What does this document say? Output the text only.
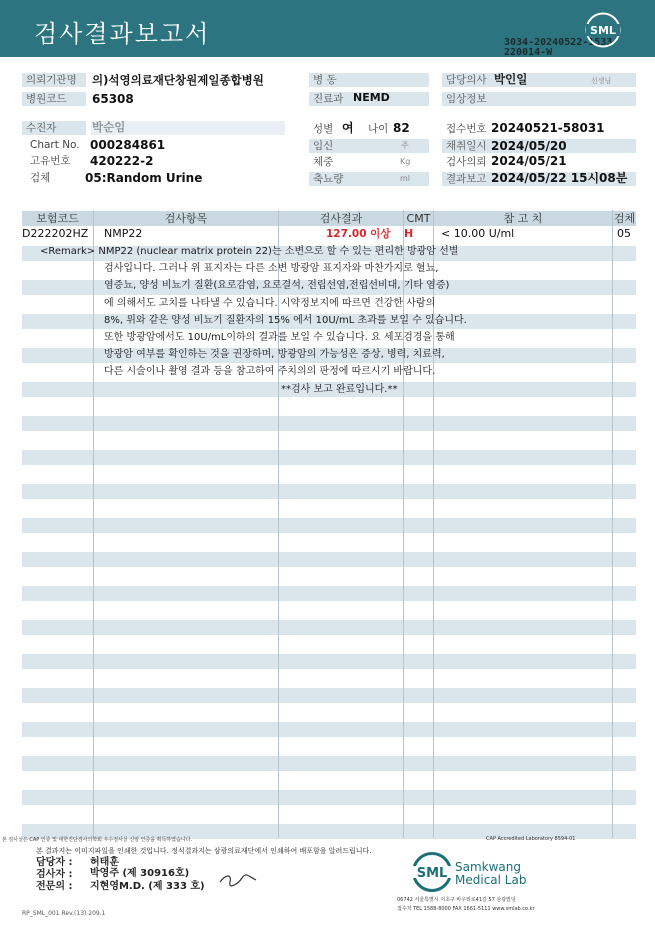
검사결과보고서	3034-20240522-1533
220014-W
SML
의뢰기관명	의)석영의료재단창원제일종합병원
병원코드	65308
수진자
Chart No. 000284861
고유번호 420222-2
검체	05:Random Urine
병 동
진료과 NEMD
성별 여 나이 82
임신	주
체중	Kg
축뇨량	ml
담당의사 박인일	선생님
임상정보
접수번호 20240521-58031
채취일시 2024/05/20
검사의뢰 2024/05/21
결과보고 2024/05/22 15시08분
보험코드	검사항목	검사결과	CMT	참 고 치	검체
D222202HZ NMP22	127.00 이상 H	< 10.00 U/ml	05
<Remark> NMP22 (nuclear matrix protein 22)는 소변으로 할 수 있는 편리한 방광암 선별
검사입니다. 그러나 위 표지자는 다른 소변 방광암 표지자와 마찬가지로 혈뇨,
염증뇨, 양성 비뇨기 질환(요로감염, 요로결석, 전립선염,전립선비대, 기타 염증)
에 의해서도 고치를 나타낼 수 있습니다. 시약정보지에 따르면 건강한 사람의
8%, 위와 같은 양성 비뇨기 질환자의 15% 에서 10U/mL 초과를 보일 수 있습니다.
또한 방광암에서도 10U/mL이하의 결과를 보일 수 있습니다. 요 세포검경을 통해
방광암 여부를 확인하는 것을 권장하며, 방광암의 가능성은 증상, 병력, 치료력,
다른 시술이나 촬영 결과 등을 참고하여 주치의의 판정에 따르시기 바랍니다.
**검사 보고 완료입니다.**
본 검사실은 CAP 인증 및 대한진단검사의학회 우수검사실 신임 인증을 획득하였습니다.	CAP Accredited Laboratory 8594-01
본 결과지는 이미지파일을 인쇄한 것입니다. 정식결과지는 삼광의료재단에서 인쇄하여 배포함을 알려드립니다.
담당자 : 허태훈
검사자 : 박영주 (제 30916호)
전문의 : 지현영M.D. (제 333 호)
SML Samkwang
Medical Lab
06742 서울특별시 서초구 바우뫼로41길 57 삼광빌딩
접수처 TEL 1588-8000 FAX 1661-5111 www.smlab.co.kr
RP_SML_001 Rev.(13) 209.1
